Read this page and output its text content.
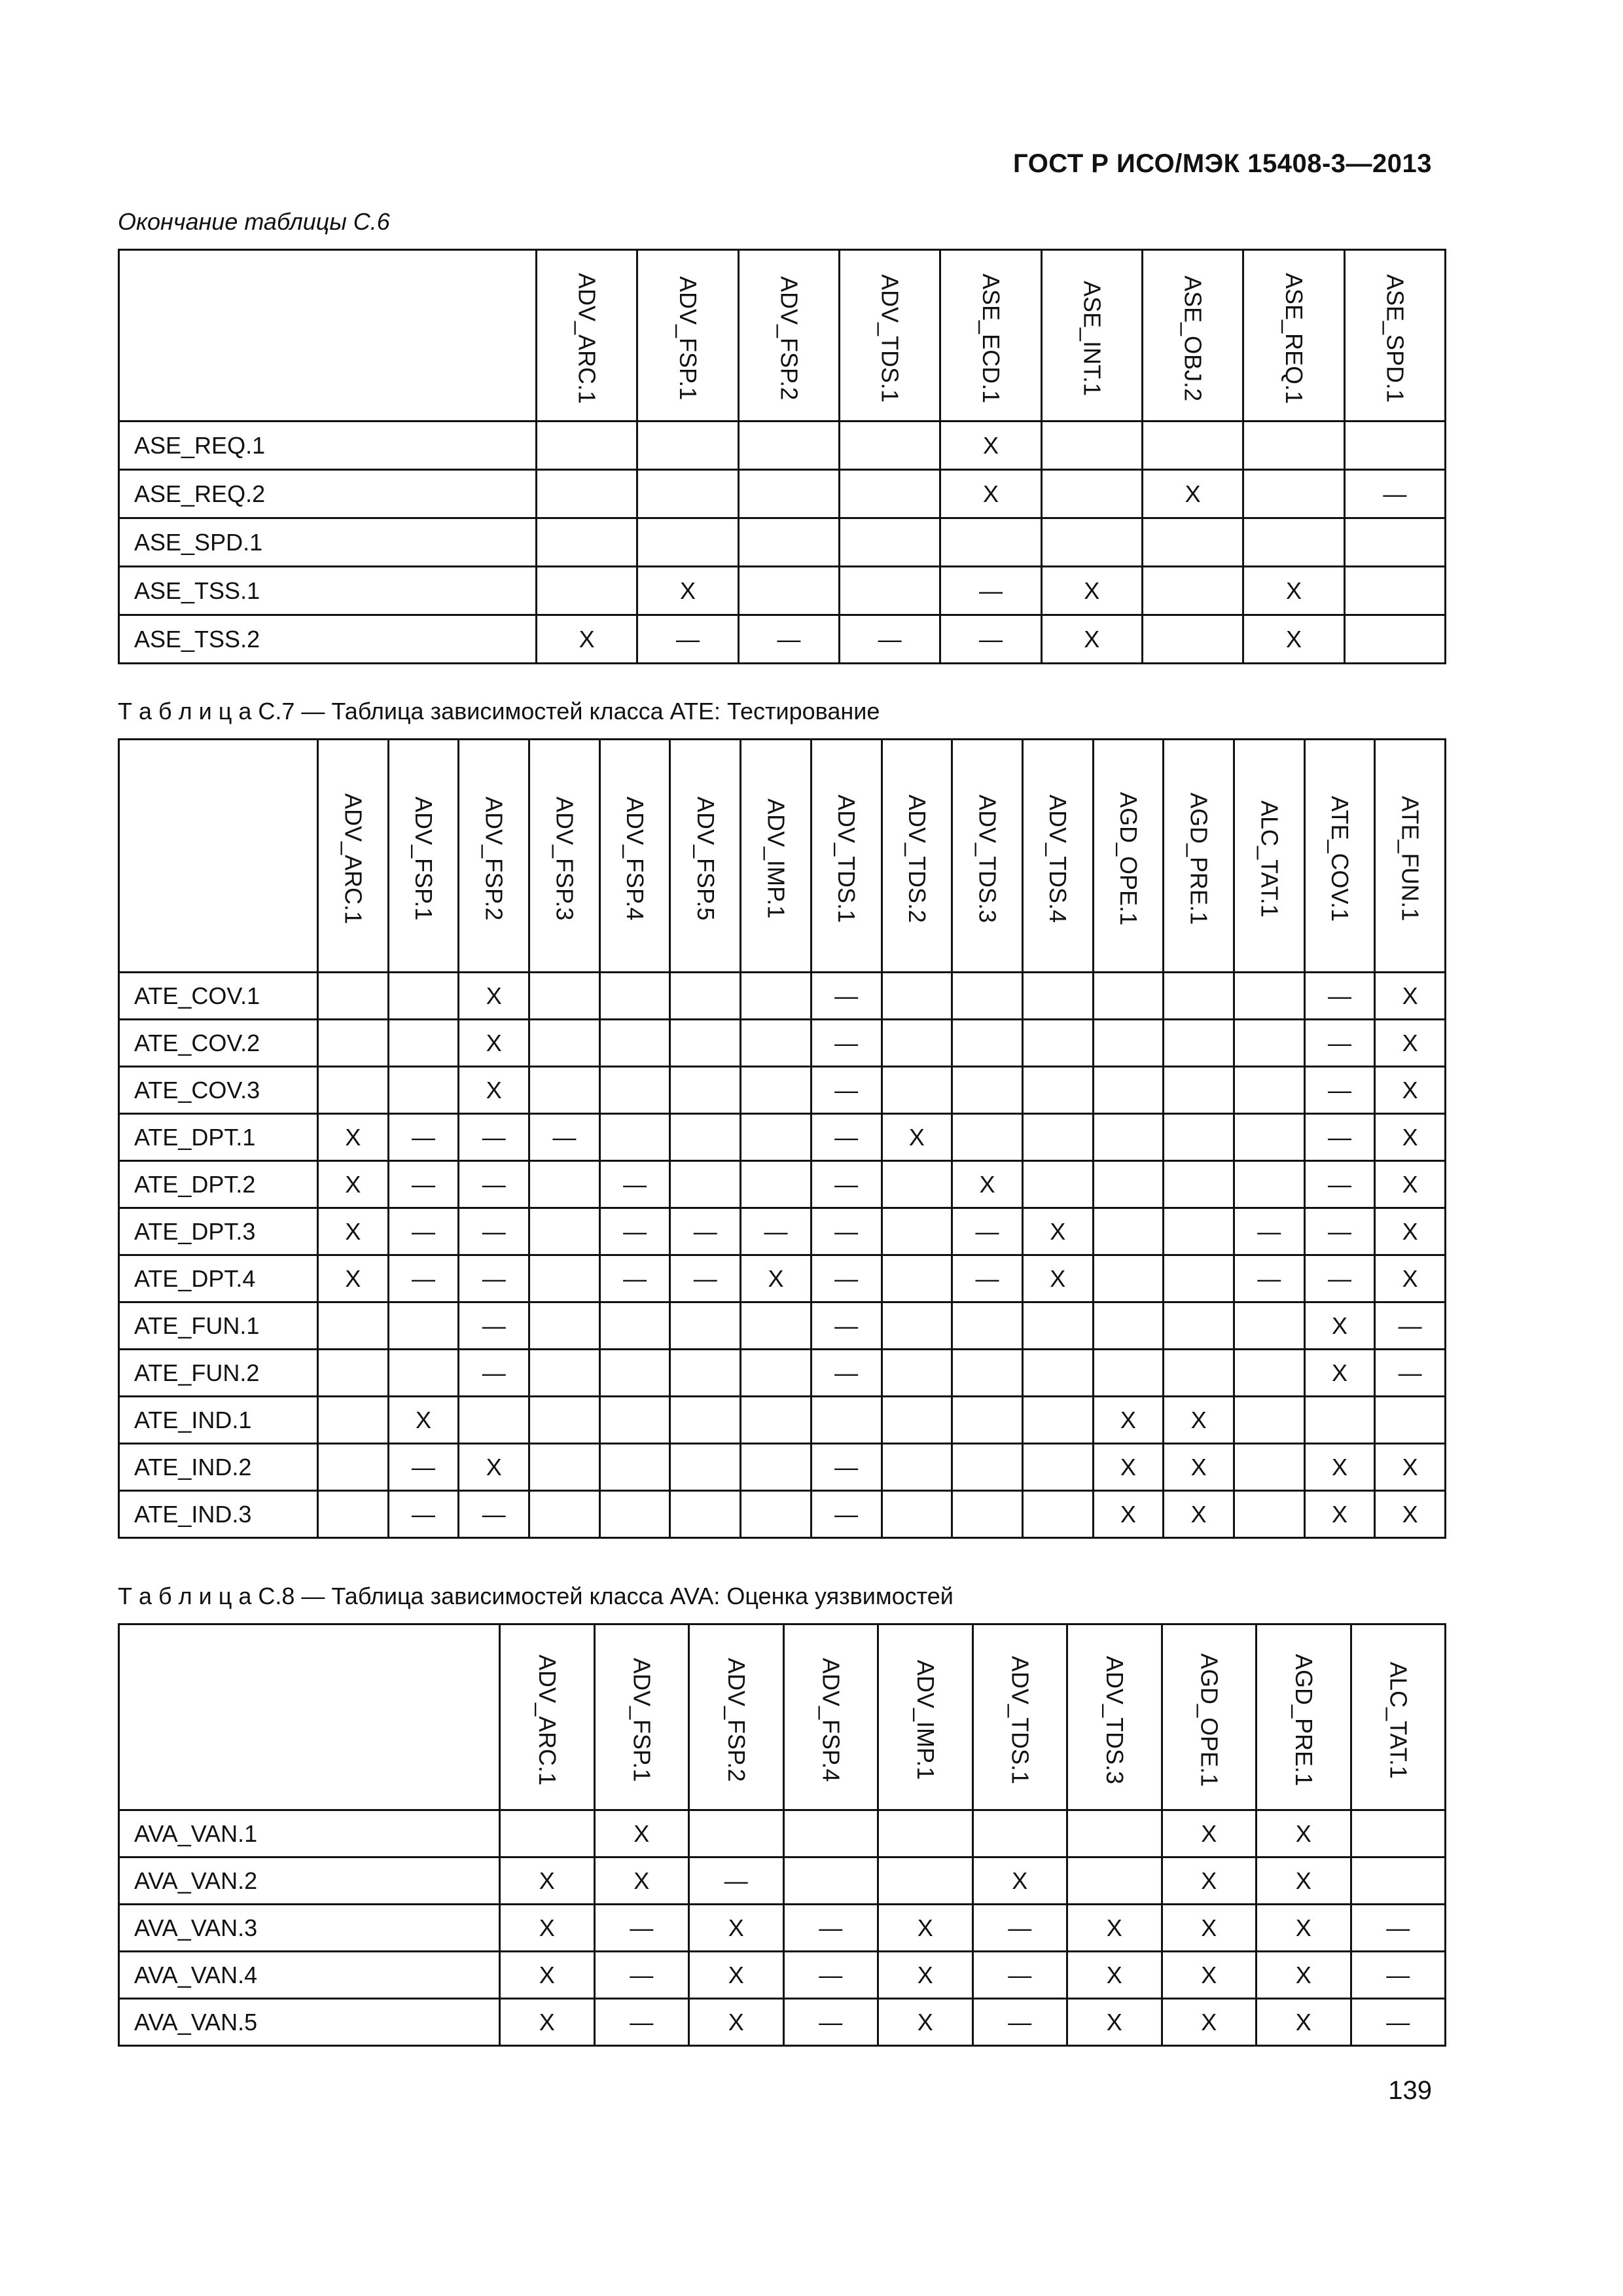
ГОСТ Р ИСО/МЭК 15408-3—2013
Окончание таблицы С.6
	ADV_ARC.1	ADV_FSP.1	ADV_FSP.2	ADV_TDS.1	ASE_ECD.1	ASE_INT.1	ASE_OBJ.2	ASE_REQ.1	ASE_SPD.1
ASE_REQ.1					X				
ASE_REQ.2					X		X		—
ASE_SPD.1									
ASE_TSS.1		X			—	X		X	
ASE_TSS.2	X	—	—	—	—	X		X	
Т а б л и ц а С.7 — Таблица зависимостей класса ATE: Тестирование
	ADV_ARC.1	ADV_FSP.1	ADV_FSP.2	ADV_FSP.3	ADV_FSP.4	ADV_FSP.5	ADV_IMP.1	ADV_TDS.1	ADV_TDS.2	ADV_TDS.3	ADV_TDS.4	AGD_OPE.1	AGD_PRE.1	ALC_TAT.1	ATE_COV.1	ATE_FUN.1
ATE_COV.1			X					—							—	X
ATE_COV.2			X					—							—	X
ATE_COV.3			X					—							—	X
ATE_DPT.1	X	—	—	—				—	X						—	X
ATE_DPT.2	X	—	—		—			—		X					—	X
ATE_DPT.3	X	—	—		—	—	—	—		—	X			—	—	X
ATE_DPT.4	X	—	—		—	—	X	—		—	X			—	—	X
ATE_FUN.1			—					—							X	—
ATE_FUN.2			—					—							X	—
ATE_IND.1		X										X	X			
ATE_IND.2		—	X					—				X	X		X	X
ATE_IND.3		—	—					—				X	X		X	X
Т а б л и ц а С.8 — Таблица зависимостей класса AVA: Оценка уязвимостей
	ADV_ARC.1	ADV_FSP.1	ADV_FSP.2	ADV_FSP.4	ADV_IMP.1	ADV_TDS.1	ADV_TDS.3	AGD_OPE.1	AGD_PRE.1	ALC_TAT.1
AVA_VAN.1		X						X	X	
AVA_VAN.2	X	X	—			X		X	X	
AVA_VAN.3	X	—	X	—	X	—	X	X	X	—
AVA_VAN.4	X	—	X	—	X	—	X	X	X	—
AVA_VAN.5	X	—	X	—	X	—	X	X	X	—
139
